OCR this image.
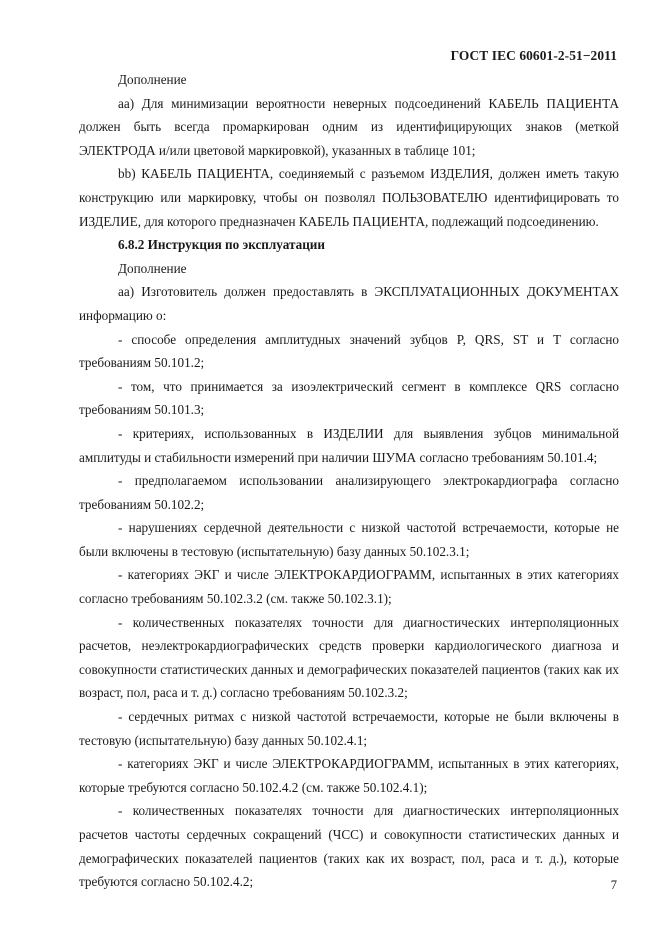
ГОСТ IEC 60601-2-51−2011

Дополнение

aa) Для минимизации вероятности неверных подсоединений КАБЕЛЬ ПАЦИЕНТА должен быть всегда промаркирован одним из идентифицирующих знаков (меткой ЭЛЕКТРОДА и/или цветовой маркировкой), указанных в таблице 101;

bb) КАБЕЛЬ ПАЦИЕНТА, соединяемый с разъемом ИЗДЕЛИЯ, должен иметь такую конструкцию или маркировку, чтобы он позволял ПОЛЬЗОВАТЕЛЮ идентифицировать то ИЗДЕЛИЕ, для которого предназначен КАБЕЛЬ ПАЦИЕНТА, подлежащий подсоединению.

6.8.2 Инструкция по эксплуатации

Дополнение

аа) Изготовитель должен предоставлять в ЭКСПЛУАТАЦИОННЫХ ДОКУМЕНТАХ информацию о:

- способе определения амплитудных значений зубцов P, QRS, ST и T согласно требованиям 50.101.2;

- том, что принимается за изоэлектрический сегмент в комплексе QRS согласно требованиям 50.101.3;

- критериях, использованных в ИЗДЕЛИИ для выявления зубцов минимальной амплитуды и стабильности измерений при наличии ШУМА согласно требованиям 50.101.4;

- предполагаемом использовании анализирующего электрокардиографа согласно требованиям 50.102.2;

- нарушениях сердечной деятельности с низкой частотой встречаемости, которые не были включены в тестовую (испытательную) базу данных 50.102.3.1;

- категориях ЭКГ и числе ЭЛЕКТРОКАРДИОГРАММ, испытанных в этих категориях согласно требованиям 50.102.3.2 (см. также 50.102.3.1);

- количественных показателях точности для диагностических интерполяционных расчетов, неэлектрокардиографических средств проверки кардиологического диагноза и совокупности статистических данных и демографических показателей пациентов (таких как их возраст, пол, раса и т. д.) согласно требованиям 50.102.3.2;

- сердечных ритмах с низкой частотой встречаемости, которые не были включены в тестовую (испытательную) базу данных 50.102.4.1;

- категориях ЭКГ и числе ЭЛЕКТРОКАРДИОГРАММ, испытанных в этих категориях, которые требуются согласно 50.102.4.2 (см. также 50.102.4.1);

- количественных показателях точности для диагностических интерполяционных расчетов частоты сердечных сокращений (ЧСС) и совокупности статистических данных и демографических показателей пациентов (таких как их возраст, пол, раса и т. д.), которые требуются согласно 50.102.4.2;	7
